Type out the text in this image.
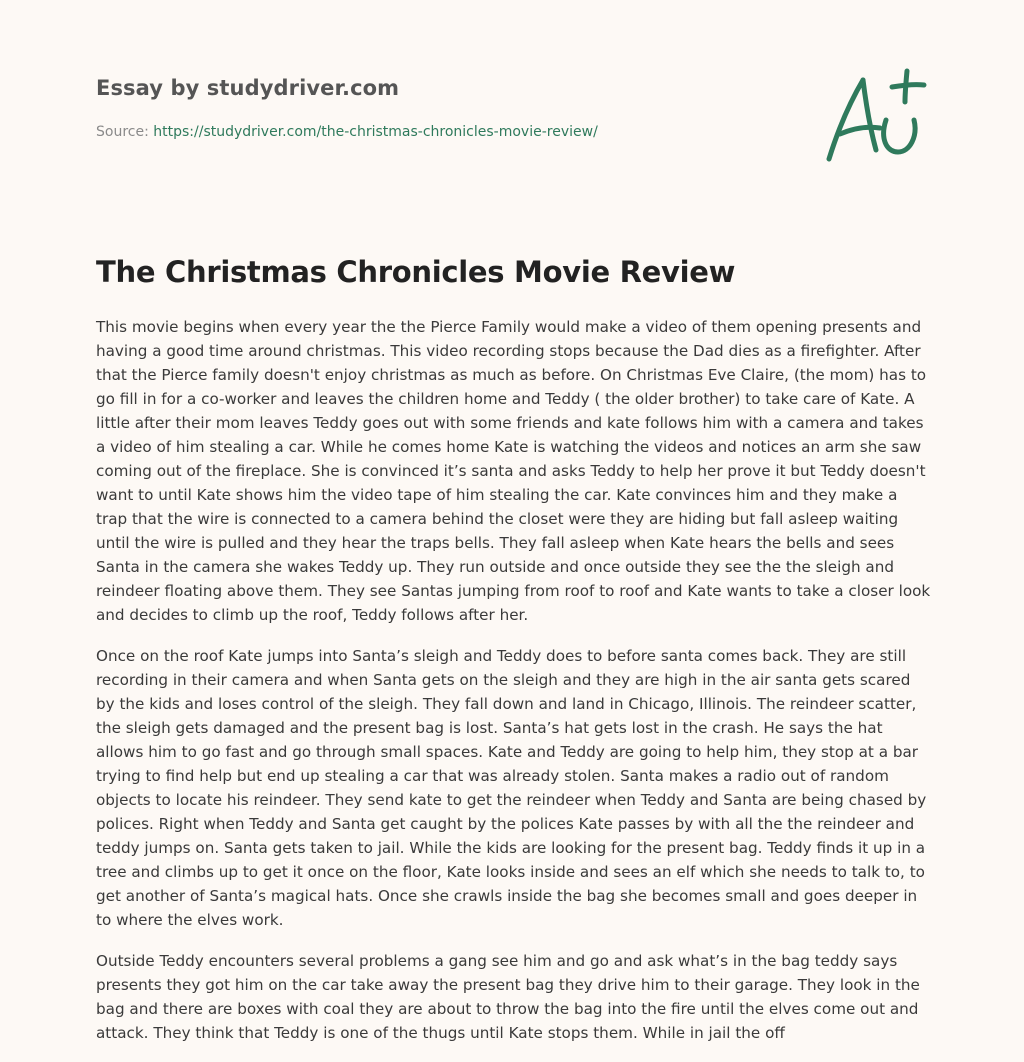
Essay by studydriver.com
Source: https://studydriver.com/the-christmas-chronicles-movie-review/
The Christmas Chronicles Movie Review

This movie begins when every year the the Pierce Family would make a video of them opening presents and having a good time around christmas. This video recording stops because the Dad dies as a firefighter. After that the Pierce family doesn't enjoy christmas as much as before. On Christmas Eve Claire, (the mom) has to go fill in for a co-worker and leaves the children home and Teddy ( the older brother) to take care of Kate. A little after their mom leaves Teddy goes out with some friends and kate follows him with a camera and takes a video of him stealing a car. While he comes home Kate is watching the videos and notices an arm she saw coming out of the fireplace. She is convinced it’s santa and asks Teddy to help her prove it but Teddy doesn't want to until Kate shows him the video tape of him stealing the car. Kate convinces him and they make a trap that the wire is connected to a camera behind the closet were they are hiding but fall asleep waiting until the wire is pulled and they hear the traps bells. They fall asleep when Kate hears the bells and sees Santa in the camera she wakes Teddy up. They run outside and once outside they see the the sleigh and reindeer floating above them. They see Santas jumping from roof to roof and Kate wants to take a closer look and decides to climb up the roof, Teddy follows after her.

Once on the roof Kate jumps into Santa’s sleigh and Teddy does to before santa comes back. They are still recording in their camera and when Santa gets on the sleigh and they are high in the air santa gets scared by the kids and loses control of the sleigh. They fall down and land in Chicago, Illinois. The reindeer scatter, the sleigh gets damaged and the present bag is lost. Santa’s hat gets lost in the crash. He says the hat allows him to go fast and go through small spaces. Kate and Teddy are going to help him, they stop at a bar trying to find help but end up stealing a car that was already stolen. Santa makes a radio out of random objects to locate his reindeer. They send kate to get the reindeer when Teddy and Santa are being chased by polices. Right when Teddy and Santa get caught by the polices Kate passes by with all the the reindeer and teddy jumps on. Santa gets taken to jail. While the kids are looking for the present bag. Teddy finds it up in a tree and climbs up to get it once on the floor, Kate looks inside and sees an elf which she needs to talk to, to get another of Santa’s magical hats. Once she crawls inside the bag she becomes small and goes deeper in to where the elves work.

Outside Teddy encounters several problems a gang see him and go and ask what’s in the bag teddy says presents they got him on the car take away the present bag they drive him to their garage. They look in the bag and there are boxes with coal they are about to throw the bag into the fire until the elves come out and attack. They think that Teddy is one of the thugs until Kate stops them. While in jail the off
